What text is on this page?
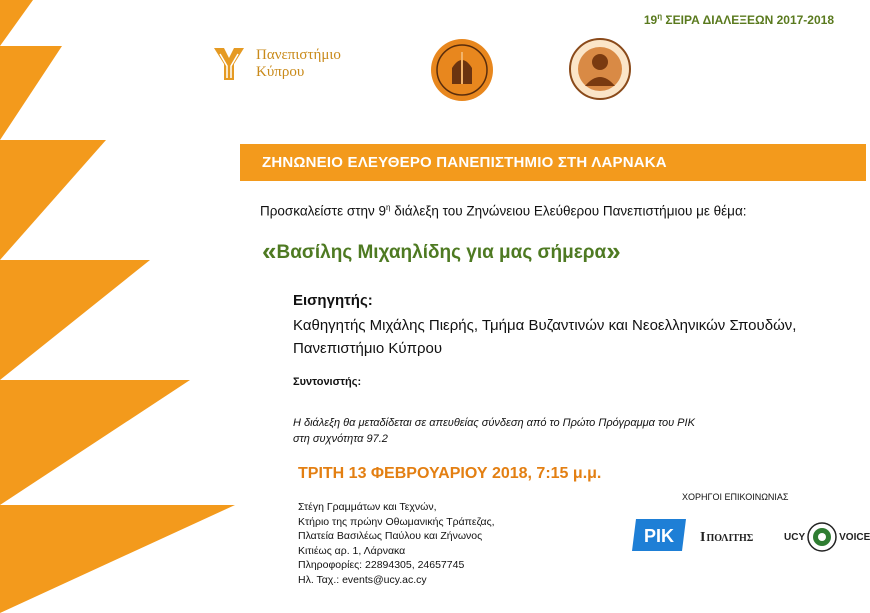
$19^\eta$ ΣΕΙΡΑ ΔΙΑΛΕΞΕΩΝ 2017-2018
Πανεπιστήμιο
Κύπρου
ΖΗΝΩΝΕΙΟ ΕΛΕΥΘΕΡΟ ΠΑΝΕΠΙΣΤΗΜΙΟ ΣΤΗ ΛΑΡΝΑΚΑ
Προσκαλείστε στην $9^\eta$ διάλεξη του Ζηνώνειου Ελεύθερου Πανεπιστήμιου με θέμα:
«Βασίλης Μιχαηλίδης για μας σήμερα»
Εισηγητής:
Καθηγητής Μιχάλης Πιερής, Τμήμα Βυζαντινών και Νεοελληνικών Σπουδών, Πανεπιστήμιο Κύπρου
Συντονιστής:
Η διάλεξη θα μεταδίδεται σε απευθείας σύνδεση από το Πρώτο Πρόγραμμα του ΡΙΚ
στη συχνότητα 97.2
ΤΡΙΤΗ 13 ΦΕΒΡΟΥΑΡΙΟΥ 2018, 7:15 μ.μ.
Στέγη Γραμμάτων και Τεχνών,
Κτήριο της πρώην Οθωμανικής Τράπεζας,
Πλατεία Βασιλέως Παύλου και Ζήνωνος
Κιτιέως αρ. 1, Λάρνακα
Πληροφορίες: 22894305, 24657745
Ηλ. Ταχ.: events@ucy.ac.cy
ΧΟΡΗΓΟΙ ΕΠΙΚΟΙΝΩΝΙΑΣ
ΡΙΚ Ι ΠΟΛΙΤΗΣ	UCY	VOICE
